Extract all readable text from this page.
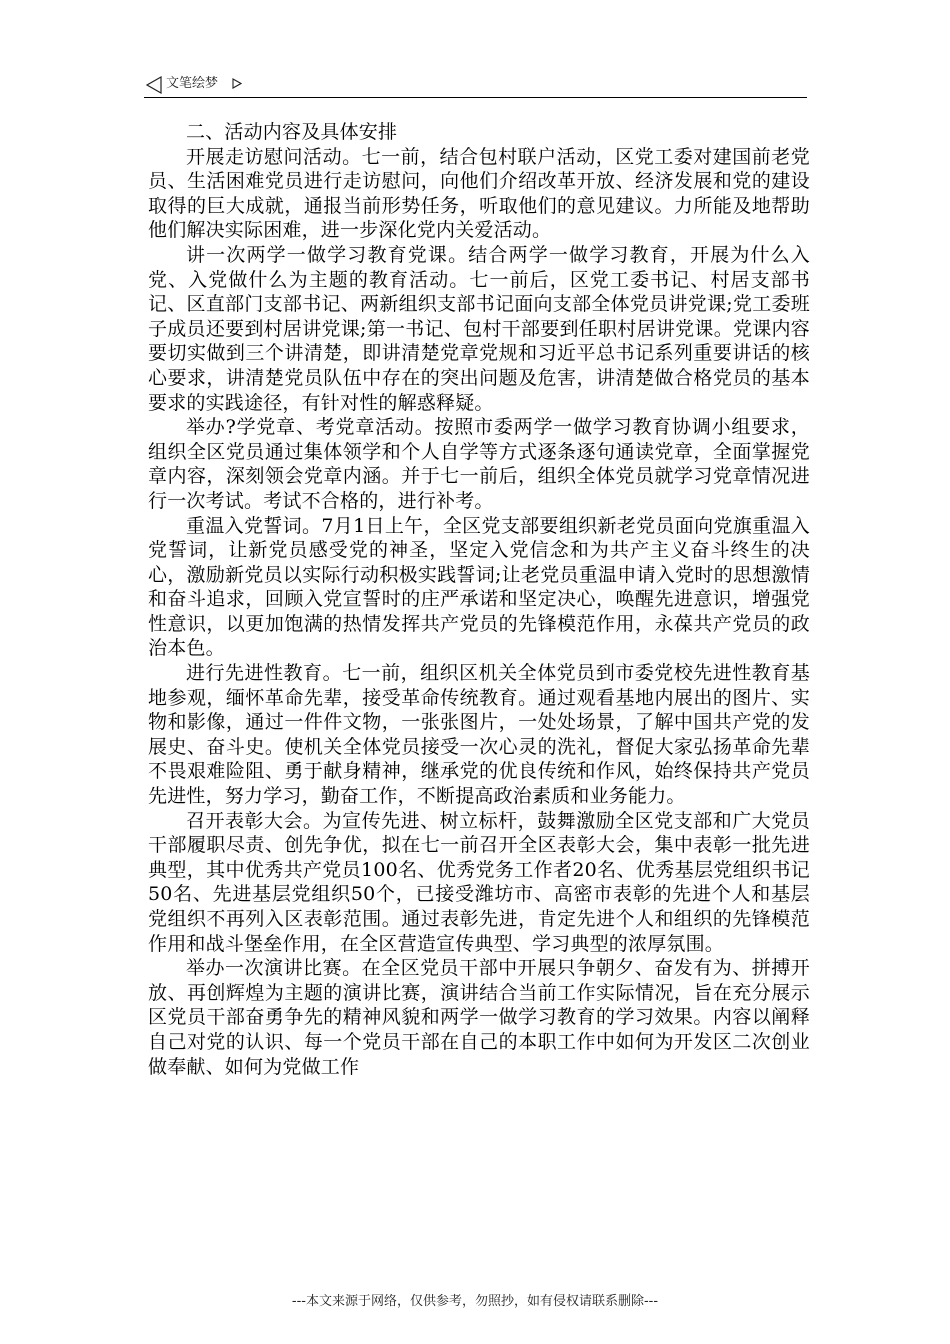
文笔绘梦

二、活动内容及具体安排

开展走访慰问活动。七一前，结合包村联户活动，区党工委对建国前老党员、生活困难党员进行走访慰问，向他们介绍改革开放、经济发展和党的建设取得的巨大成就，通报当前形势任务，听取他们的意见建议。力所能及地帮助他们解决实际困难，进一步深化党内关爱活动。

讲一次两学一做学习教育党课。结合两学一做学习教育，开展为什么入党、入党做什么为主题的教育活动。七一前后，区党工委书记、村居支部书记、区直部门支部书记、两新组织支部书记面向支部全体党员讲党课;党工委班子成员还要到村居讲党课;第一书记、包村干部要到任职村居讲党课。党课内容要切实做到三个讲清楚，即讲清楚党章党规和习近平总书记系列重要讲话的核心要求，讲清楚党员队伍中存在的突出问题及危害，讲清楚做合格党员的基本要求的实践途径，有针对性的解惑释疑。

举办?学党章、考党章活动。按照市委两学一做学习教育协调小组要求，组织全区党员通过集体领学和个人自学等方式逐条逐句通读党章，全面掌握党章内容，深刻领会党章内涵。并于七一前后，组织全体党员就学习党章情况进行一次考试。考试不合格的，进行补考。

重温入党誓词。7月1日上午，全区党支部要组织新老党员面向党旗重温入党誓词，让新党员感受党的神圣，坚定入党信念和为共产主义奋斗终生的决心，激励新党员以实际行动积极实践誓词;让老党员重温申请入党时的思想激情和奋斗追求，回顾入党宣誓时的庄严承诺和坚定决心，唤醒先进意识，增强党性意识，以更加饱满的热情发挥共产党员的先锋模范作用，永葆共产党员的政治本色。

进行先进性教育。七一前，组织区机关全体党员到市委党校先进性教育基地参观，缅怀革命先辈，接受革命传统教育。通过观看基地内展出的图片、实物和影像，通过一件件文物，一张张图片，一处处场景，了解中国共产党的发展史、奋斗史。使机关全体党员接受一次心灵的洗礼，督促大家弘扬革命先辈不畏艰难险阻、勇于献身精神，继承党的优良传统和作风，始终保持共产党员先进性，努力学习，勤奋工作，不断提高政治素质和业务能力。

召开表彰大会。为宣传先进、树立标杆，鼓舞激励全区党支部和广大党员干部履职尽责、创先争优，拟在七一前召开全区表彰大会，集中表彰一批先进典型，其中优秀共产党员100名、优秀党务工作者20名、优秀基层党组织书记50名、先进基层党组织50个，已接受潍坊市、高密市表彰的先进个人和基层党组织不再列入区表彰范围。通过表彰先进，肯定先进个人和组织的先锋模范作用和战斗堡垒作用，在全区营造宣传典型、学习典型的浓厚氛围。

举办一次演讲比赛。在全区党员干部中开展只争朝夕、奋发有为、拼搏开放、再创辉煌为主题的演讲比赛，演讲结合当前工作实际情况，旨在充分展示区党员干部奋勇争先的精神风貌和两学一做学习教育的学习效果。内容以阐释自己对党的认识、每一个党员干部在自己的本职工作中如何为开发区二次创业做奉献、如何为党做工作

---本文来源于网络，仅供参考，勿照抄，如有侵权请联系删除---
